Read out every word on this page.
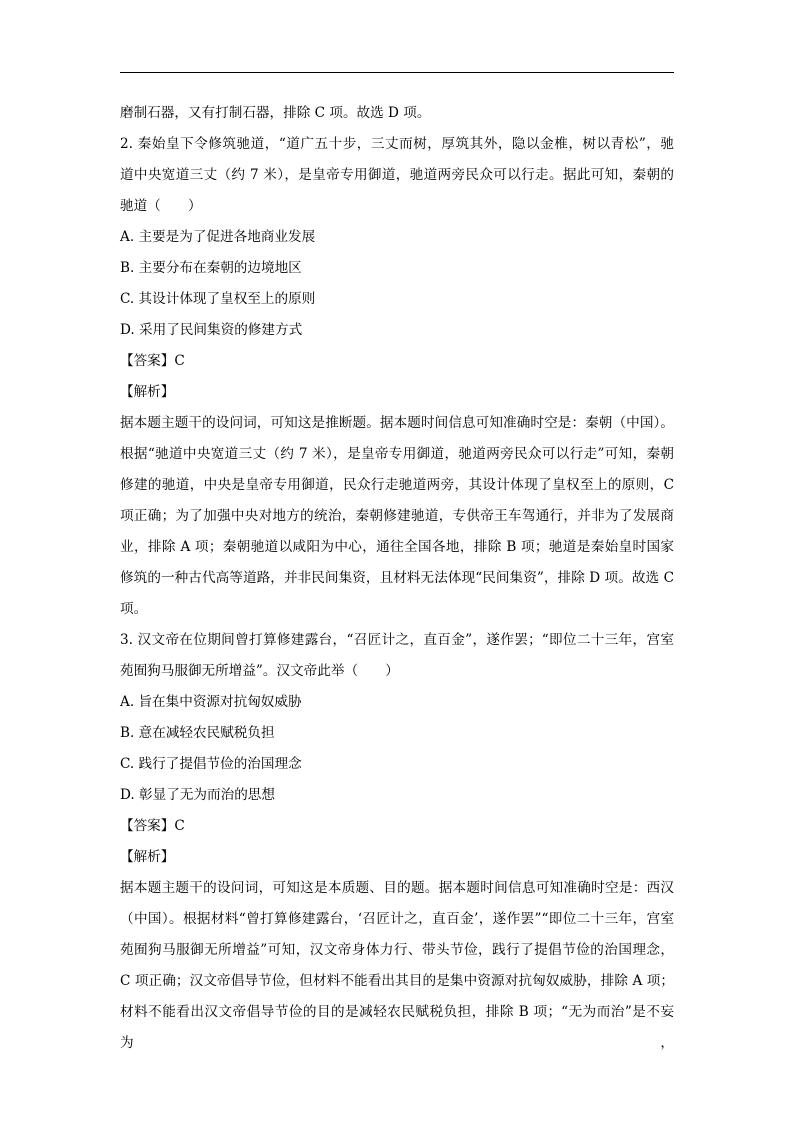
磨制石器，又有打制石器，排除 C 项。故选 D 项。
2. 秦始皇下令修筑驰道，“道广五十步，三丈而树，厚筑其外，隐以金椎，树以青松”，驰
道中央宽道三丈（约 7 米），是皇帝专用御道，驰道两旁民众可以行走。据此可知，秦朝的
驰道（　　）
A. 主要是为了促进各地商业发展
B. 主要分布在秦朝的边境地区
C. 其设计体现了皇权至上的原则
D. 采用了民间集资的修建方式
【答案】C
【解析】
据本题主题干的设问词，可知这是推断题。据本题时间信息可知准确时空是：秦朝（中国）。
根据“驰道中央宽道三丈（约 7 米），是皇帝专用御道，驰道两旁民众可以行走”可知，秦朝
修建的驰道，中央是皇帝专用御道，民众行走驰道两旁，其设计体现了皇权至上的原则，C
项正确；为了加强中央对地方的统治，秦朝修建驰道，专供帝王车驾通行，并非为了发展商
业，排除 A 项；秦朝驰道以咸阳为中心，通往全国各地，排除 B 项；驰道是秦始皇时国家
修筑的一种古代高等道路，并非民间集资，且材料无法体现“民间集资”，排除 D 项。故选 C
项。
3. 汉文帝在位期间曾打算修建露台，“召匠计之，直百金”，遂作罢；“即位二十三年，宫室
苑囿狗马服御无所增益”。汉文帝此举（　　）
A. 旨在集中资源对抗匈奴威胁
B. 意在减轻农民赋税负担
C. 践行了提倡节俭的治国理念
D. 彰显了无为而治的思想
【答案】C
【解析】
据本题主题干的设问词，可知这是本质题、目的题。据本题时间信息可知准确时空是：西汉
（中国）。根据材料“曾打算修建露台，‘召匠计之，直百金’，遂作罢”“即位二十三年，宫室
苑囿狗马服御无所增益”可知，汉文帝身体力行、带头节俭，践行了提倡节俭的治国理念，
C 项正确；汉文帝倡导节俭，但材料不能看出其目的是集中资源对抗匈奴威胁，排除 A 项；
材料不能看出汉文帝倡导节俭的目的是减轻农民赋税负担，排除 B 项；“无为而治”是不妄为，
